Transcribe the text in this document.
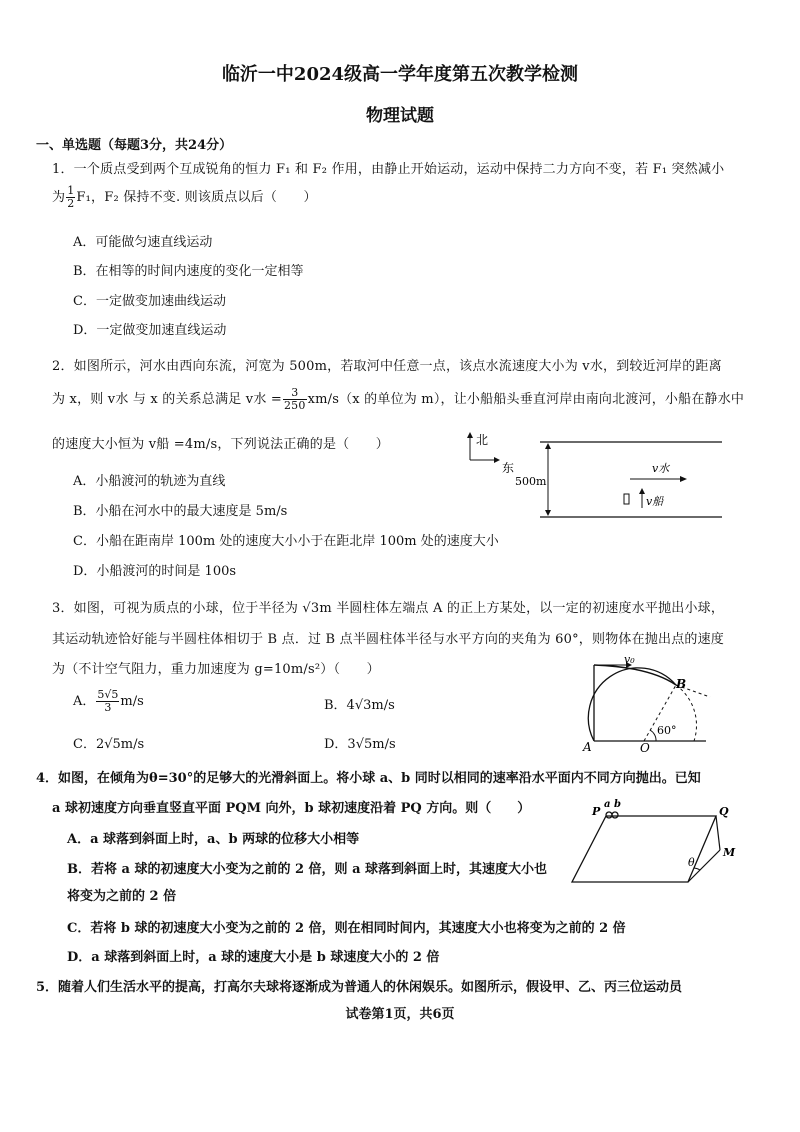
临沂一中2024级高一学年度第五次教学检测
物理试题
一、单选题（每题3分，共24分）
1．一个质点受到两个互成锐角的恒力 F₁ 和 F₂ 作用，由静止开始运动，运动中保持二力方向不变，若 F₁ 突然减小
为 $\frac{1}{2} F_1$，F₂ 保持不变. 则该质点以后（　　）
A．可能做匀速直线运动
B．在相等的时间内速度的变化一定相等
C．一定做变加速曲线运动
D．一定做变加速直线运动
2．如图所示，河水由西向东流，河宽为 500m，若取河中任意一点，该点水流速度大小为 v水，到较近河岸的距离
为 x，则 v水 与 x 的关系总满足 v水 = $\frac{3}{250} xm/s(x$ 的单位为 m），让小船船头垂直河岸由南向北渡河，小船在静水中
的速度大小恒为 v船 =4m/s，下列说法正确的是（　　）
A．小船渡河的轨迹为直线
B．小船在河水中的最大速度是 5m/s
C．小船在距南岸 100m 处的速度大小小于在距北岸 100m 处的速度大小
D．小船渡河的时间是 100s
北
东
500m
v水
v船
3．如图，可视为质点的小球，位于半径为 √3m 半圆柱体左端点 A 的正上方某处，以一定的初速度水平抛出小球，
其运动轨迹恰好能与半圆柱体相切于 B 点．过 B 点半圆柱体半径与水平方向的夹角为 60°，则物体在抛出点的速度
为（不计空气阻力，重力加速度为 g=10m/s²）（　　）
A． $\frac{5√5}{3} m/s$	B．4√3m/s
C．2√5m/s	D．3√5m/s
v₀
B
A	O
60°
4．如图，在倾角为θ=30°的足够大的光滑斜面上。将小球 a、b 同时以相同的速率沿水平面内不同方向抛出。已知
a 球初速度方向垂直竖直平面 PQM 向外，b 球初速度沿着 PQ 方向。则（　　）
A．a 球落到斜面上时，a、b 两球的位移大小相等
B．若将 a 球的初速度大小变为之前的 2 倍，则 a 球落到斜面上时，其速度大小也
将变为之前的 2 倍
C．若将 b 球的初速度大小变为之前的 2 倍，则在相同时间内，其速度大小也将变为之前的 2 倍
D．a 球落到斜面上时，a 球的速度大小是 b 球速度大小的 2 倍
P
a b
Q
M
θ
5．随着人们生活水平的提高，打高尔夫球将逐渐成为普通人的休闲娱乐。如图所示，假设甲、乙、丙三位运动员
试卷第1页，共6页
